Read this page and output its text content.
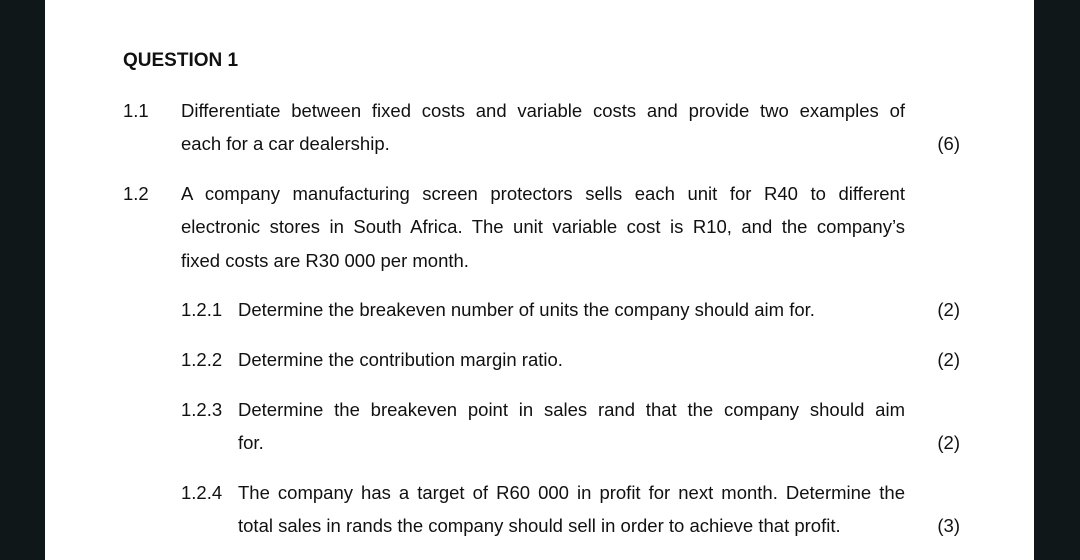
QUESTION 1
1.1 Differentiate between fixed costs and variable costs and provide two examples of
each for a car dealership.	(6)
1.2 A company manufacturing screen protectors sells each unit for R40 to different
electronic stores in South Africa. The unit variable cost is R10, and the company’s
fixed costs are R30 000 per month.
1.2.1 Determine the breakeven number of units the company should aim for.	(2)
1.2.2 Determine the contribution margin ratio.	(2)
1.2.3 Determine the breakeven point in sales rand that the company should aim
for.	(2)
1.2.4 The company has a target of R60 000 in profit for next month. Determine the
total sales in rands the company should sell in order to achieve that profit.	(3)
